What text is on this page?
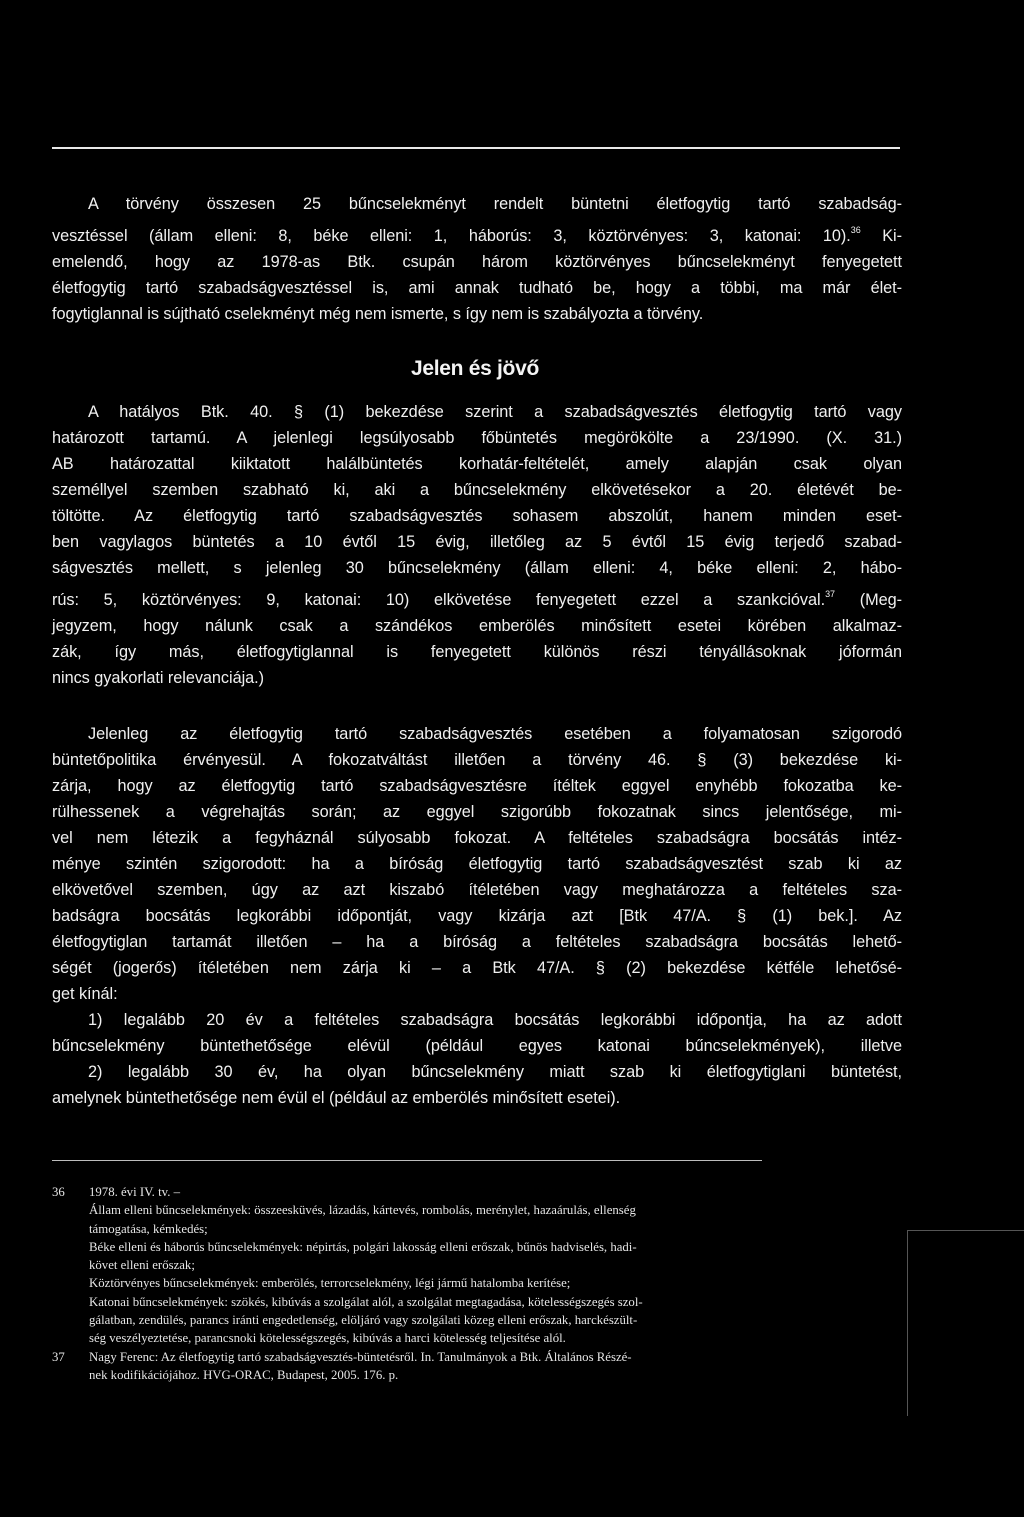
A törvény összesen 25 bűncselekményt rendelt büntetni életfogytig tartó szabadság-
vesztéssel (állam elleni: 8, béke elleni: 1, háborús: 3, köztörvényes: 3, katonai: 10).$^{36}$ Ki-
emelendő, hogy az 1978-as Btk. csupán három köztörvényes bűncselekményt fenyegetett
életfogytig tartó szabadságvesztéssel is, ami annak tudható be, hogy a többi, ma már élet-
fogytiglannal is sújtható cselekményt még nem ismerte, s így nem is szabályozta a törvény.
Jelen és jövő
A hatályos Btk. 40. § (1) bekezdése szerint a szabadságvesztés életfogytig tartó vagy
határozott tartamú. A jelenlegi legsúlyosabb főbüntetés megörökölte a 23/1990. (X. 31.)
AB határozattal kiiktatott halálbüntetés korhatár-feltételét, amely alapján csak olyan
személlyel szemben szabható ki, aki a bűncselekmény elkövetésekor a 20. életévét be-
töltötte. Az életfogytig tartó szabadságvesztés sohasem abszolút, hanem minden eset-
ben vagylagos büntetés a 10 évtől 15 évig, illetőleg az 5 évtől 15 évig terjedő szabad-
ságvesztés mellett, s jelenleg 30 bűncselekmény (állam elleni: 4, béke elleni: 2, hábo-
rús: 5, köztörvényes: 9, katonai: 10) elkövetése fenyegetett ezzel a szankcióval.$^{37}$ (Meg-
jegyzem, hogy nálunk csak a szándékos emberölés minősített esetei körében alkalmaz-
zák, így más, életfogytiglannal is fenyegetett különös részi tényállásoknak jóformán
nincs gyakorlati relevanciája.)
Jelenleg az életfogytig tartó szabadságvesztés esetében a folyamatosan szigorodó
büntetőpolitika érvényesül. A fokozatváltást illetően a törvény 46. § (3) bekezdése ki-
zárja, hogy az életfogytig tartó szabadságvesztésre ítéltek eggyel enyhébb fokozatba ke-
rülhessenek a végrehajtás során; az eggyel szigorúbb fokozatnak sincs jelentősége, mi-
vel nem létezik a fegyháznál súlyosabb fokozat. A feltételes szabadságra bocsátás intéz-
ménye szintén szigorodott: ha a bíróság életfogytig tartó szabadságvesztést szab ki az
elkövetővel szemben, úgy az azt kiszabó ítéletében vagy meghatározza a feltételes sza-
badságra bocsátás legkorábbi időpontját, vagy kizárja azt [Btk 47/A. § (1) bek.]. Az
életfogytiglan tartamát illetően – ha a bíróság a feltételes szabadságra bocsátás lehető-
ségét (jogerős) ítéletében nem zárja ki – a Btk 47/A. § (2) bekezdése kétféle lehetősé-
get kínál:
1) legalább 20 év a feltételes szabadságra bocsátás legkorábbi időpontja, ha az adott
bűncselekmény büntethetősége elévül (például egyes katonai bűncselekmények), illetve
2) legalább 30 év, ha olyan bűncselekmény miatt szab ki életfogytiglani büntetést,
amelynek büntethetősége nem évül el (például az emberölés minősített esetei).
36 1978. évi IV. tv. –
Állam elleni bűncselekmények: összeesküvés, lázadás, kártevés, rombolás, merénylet, hazaárulás, ellenség
támogatása, kémkedés;
Béke elleni és háborús bűncselekmények: népirtás, polgári lakosság elleni erőszak, bűnös hadviselés, hadi-
követ elleni erőszak;
Köztörvényes bűncselekmények: emberölés, terrorcselekmény, légi jármű hatalomba kerítése;
Katonai bűncselekmények: szökés, kibúvás a szolgálat alól, a szolgálat megtagadása, kötelességszegés szol-
gálatban, zendülés, parancs iránti engedetlenség, elöljáró vagy szolgálati közeg elleni erőszak, harckészült-
ség veszélyeztetése, parancsnoki kötelességszegés, kibúvás a harci kötelesség teljesítése alól.
37 Nagy Ferenc: Az életfogytig tartó szabadságvesztés-büntetésről. In. Tanulmányok a Btk. Általános Részé-
nek kodifikációjához. HVG-ORAC, Budapest, 2005. 176. p.
